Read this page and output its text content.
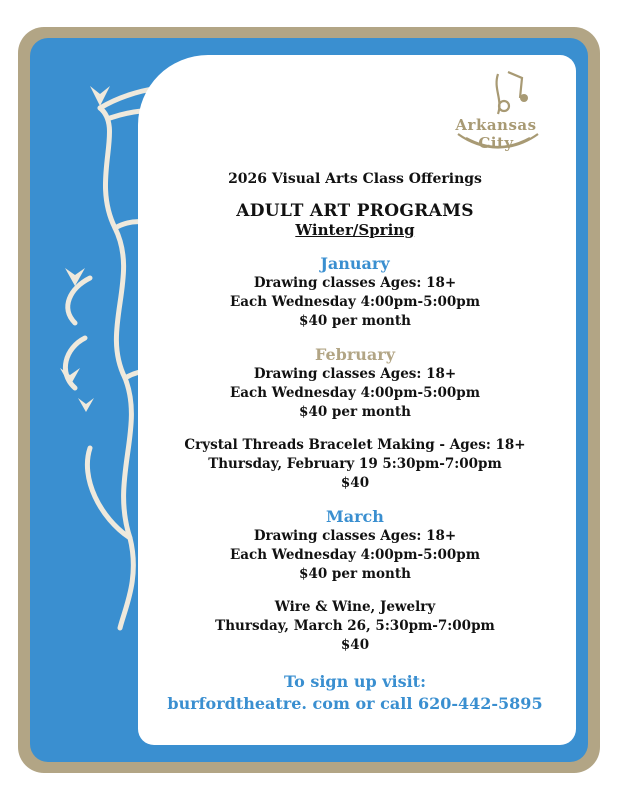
Arkansas City
2026 Visual Arts Class Offerings
ADULT ART PROGRAMS
Winter/Spring
January
Drawing classes Ages: 18+
Each Wednesday 4:00pm-5:00pm
$40 per month
February
Drawing classes Ages: 18+
Each Wednesday 4:00pm-5:00pm
$40 per month
Crystal Threads Bracelet Making - Ages: 18+
Thursday, February 19 5:30pm-7:00pm
$40
March
Drawing classes Ages: 18+
Each Wednesday 4:00pm-5:00pm
$40 per month
Wire & Wine, Jewelry
Thursday, March 26, 5:30pm-7:00pm
$40
To sign up visit:
burfordtheatre. com or call 620-442-5895
